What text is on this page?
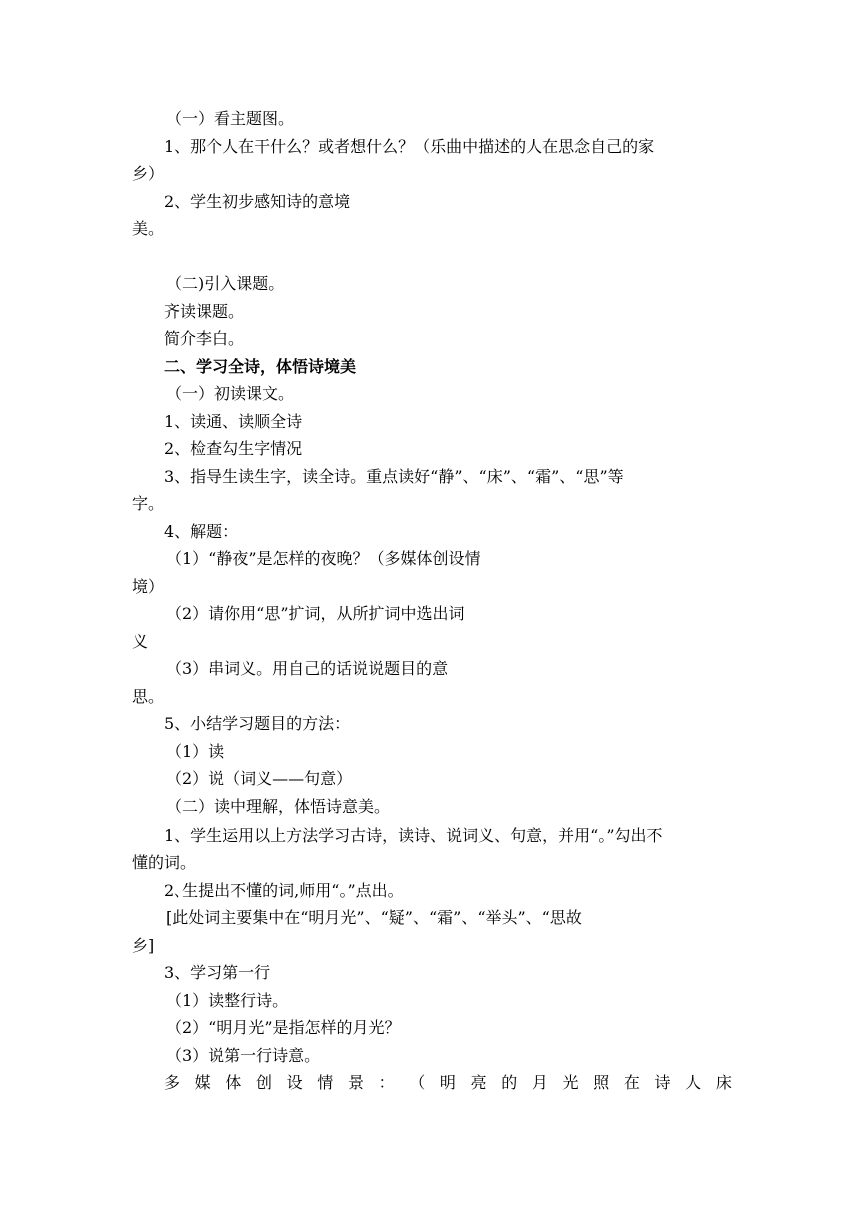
（一）看主题图。
1、那个人在干什么？或者想什么？（乐曲中描述的人在思念自己的家
乡）
2、学生初步感知诗的意境
美。
（二)引入课题。
齐读课题。
简介李白。
二、学习全诗，体悟诗境美
（一）初读课文。
1、读通、读顺全诗
2、检查勾生字情况
3、指导生读生字，读全诗。重点读好“静”、“床”、“霜”、“思”等
字。
4、解题：
（1）“静夜”是怎样的夜晚？（多媒体创设情
境）
（2）请你用“思”扩词，从所扩词中选出词
义
（3）串词义。用自己的话说说题目的意
思。
5、小结学习题目的方法：
（1）读
（2）说（词义——句意）
（二）读中理解，体悟诗意美。
1、学生运用以上方法学习古诗，读诗、说词义、句意，并用“。”勾出不
懂的词。
2､生提出不懂的词,师用“。”点出。
[此处词主要集中在“明月光”、“疑”、“霜”、“举头”、“思故
乡]
3、学习第一行
（1）读整行诗。
（2）“明月光”是指怎样的月光？
（3）说第一行诗意。
多 媒 体 创 设 情 景 ： （ 明 亮 的 月 光 照 在 诗 人 床
